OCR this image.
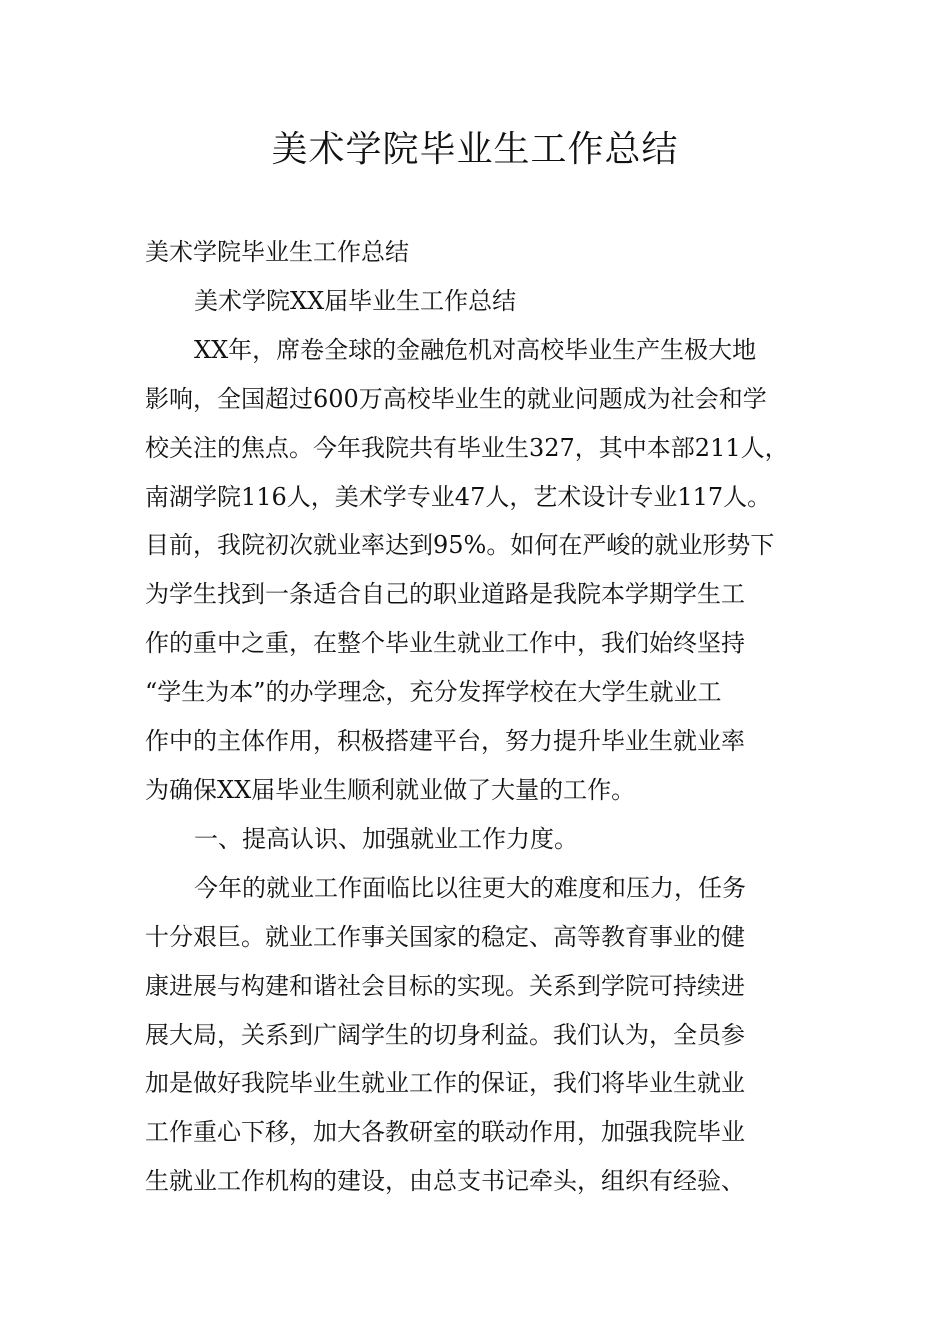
美术学院毕业生工作总结

美术学院毕业生工作总结

美术学院XX届毕业生工作总结

XX年，席卷全球的金融危机对高校毕业生产生极大地
影响，全国超过600万高校毕业生的就业问题成为社会和学
校关注的焦点。今年我院共有毕业生327，其中本部211人，
南湖学院116人，美术学专业47人，艺术设计专业117人。
目前，我院初次就业率达到95%。如何在严峻的就业形势下
为学生找到一条适合自己的职业道路是我院本学期学生工
作的重中之重，在整个毕业生就业工作中，我们始终坚持
“学生为本”的办学理念，充分发挥学校在大学生就业工
作中的主体作用，积极搭建平台，努力提升毕业生就业率
为确保XX届毕业生顺利就业做了大量的工作。

一、提高认识、加强就业工作力度。

今年的就业工作面临比以往更大的难度和压力，任务
十分艰巨。就业工作事关国家的稳定、高等教育事业的健
康进展与构建和谐社会目标的实现。关系到学院可持续进
展大局，关系到广阔学生的切身利益。我们认为，全员参
加是做好我院毕业生就业工作的保证，我们将毕业生就业
工作重心下移，加大各教研室的联动作用，加强我院毕业
生就业工作机构的建设，由总支书记牵头，组织有经验、
